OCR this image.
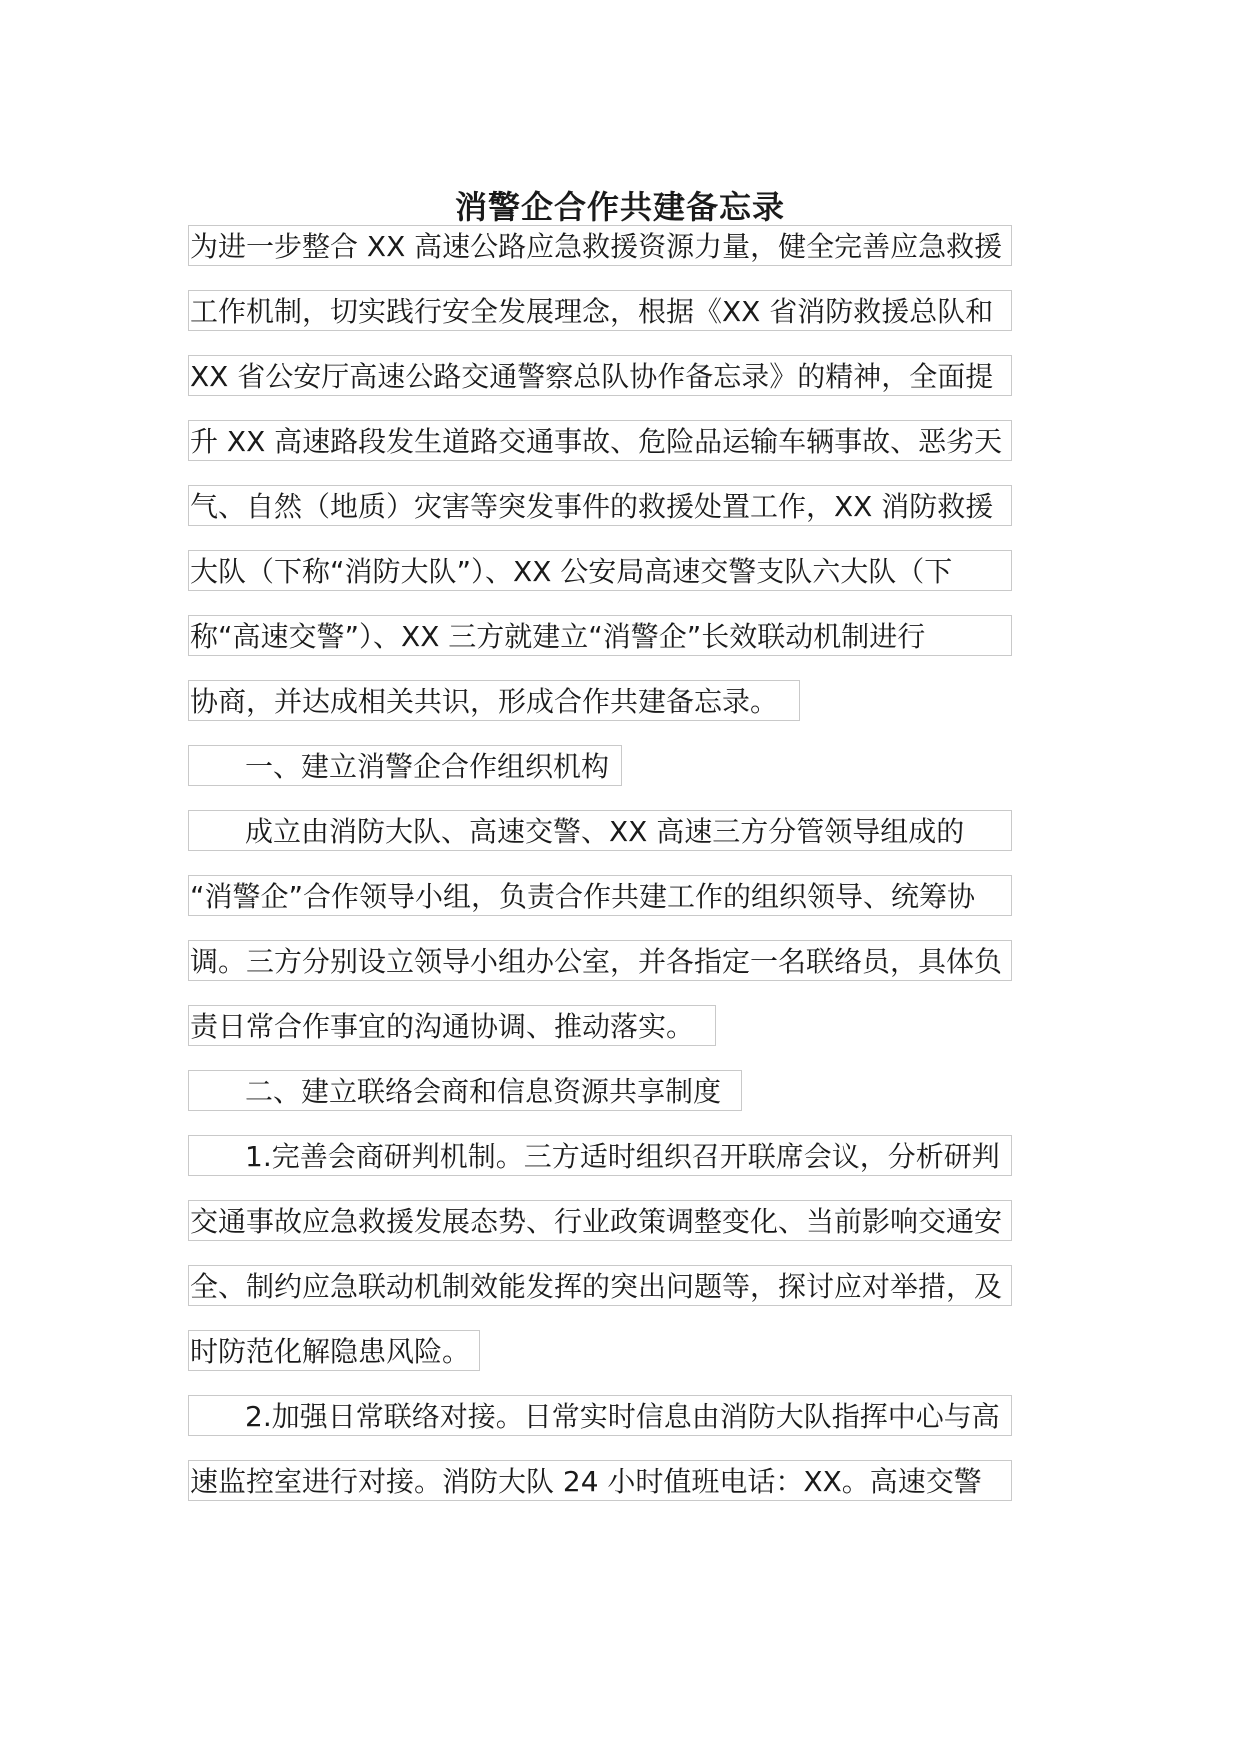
消警企合作共建备忘录
为进一步整合 XX 高速公路应急救援资源力量，健全完善应急救援
工作机制，切实践行安全发展理念，根据《XX 省消防救援总队和
XX 省公安厅高速公路交通警察总队协作备忘录》的精神，全面提
升 XX 高速路段发生道路交通事故、危险品运输车辆事故、恶劣天
气、自然（地质）灾害等突发事件的救援处置工作，XX 消防救援
大队（下称“消防大队”）、XX 公安局高速交警支队六大队（下
称“高速交警”）、XX 三方就建立“消警企”长效联动机制进行
协商，并达成相关共识，形成合作共建备忘录。
一、建立消警企合作组织机构
成立由消防大队、高速交警、XX 高速三方分管领导组成的
“消警企”合作领导小组，负责合作共建工作的组织领导、统筹协
调。三方分别设立领导小组办公室，并各指定一名联络员，具体负
责日常合作事宜的沟通协调、推动落实。
二、建立联络会商和信息资源共享制度
1.完善会商研判机制。三方适时组织召开联席会议，分析研判
交通事故应急救援发展态势、行业政策调整变化、当前影响交通安
全、制约应急联动机制效能发挥的突出问题等，探讨应对举措，及
时防范化解隐患风险。
2.加强日常联络对接。日常实时信息由消防大队指挥中心与高
速监控室进行对接。消防大队 24 小时值班电话：XX。高速交警
